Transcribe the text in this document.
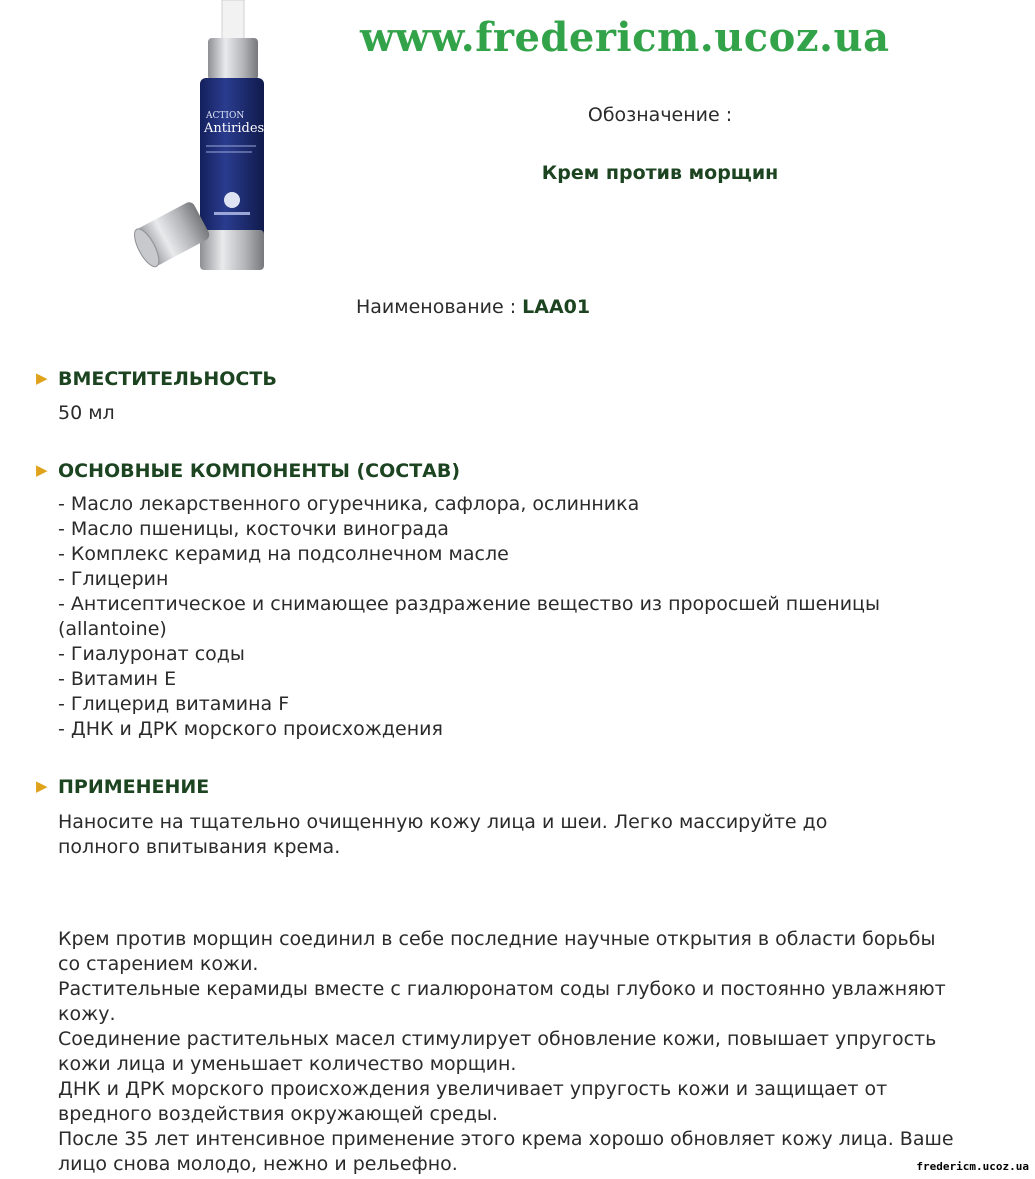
www.fredericm.ucoz.ua
ACTION
Antirides
Обозначение :
Крем против морщин
Наименование : LAA01
▶ ВМЕСТИТЕЛЬНОСТЬ
50 мл
▶ ОСНОВНЫЕ КОМПОНЕНТЫ (СОСТАВ)
- Масло лекарственного огуречника, сафлора, ослинника
- Масло пшеницы, косточки винограда
- Комплекс керамид на подсолнечном масле
- Глицерин
- Антисептическое и снимающее раздражение вещество из проросшей пшеницы (allantoine)
- Гиалуронат соды
- Витамин Е
- Глицерид витамина F
- ДНК и ДРК морского происхождения
▶ ПРИМЕНЕНИЕ
Наносите на тщательно очищенную кожу лица и шеи. Легко массируйте до полного впитывания крема.

Крем против морщин соединил в себе последние научные открытия в области борьбы со старением кожи.

Растительные керамиды вместе с гиалюронатом соды глубоко и постоянно увлажняют кожу.

Соединение растительных масел стимулирует обновление кожи, повышает упругость кожи лица и уменьшает количество морщин.

ДНК и ДРК морского происхождения увеличивает упругость кожи и защищает от вредного воздействия окружающей среды.

После 35 лет интенсивное применение этого крема хорошо обновляет кожу лица. Ваше лицо снова молодо, нежно и рельефно.	fredericm.ucoz.ua
